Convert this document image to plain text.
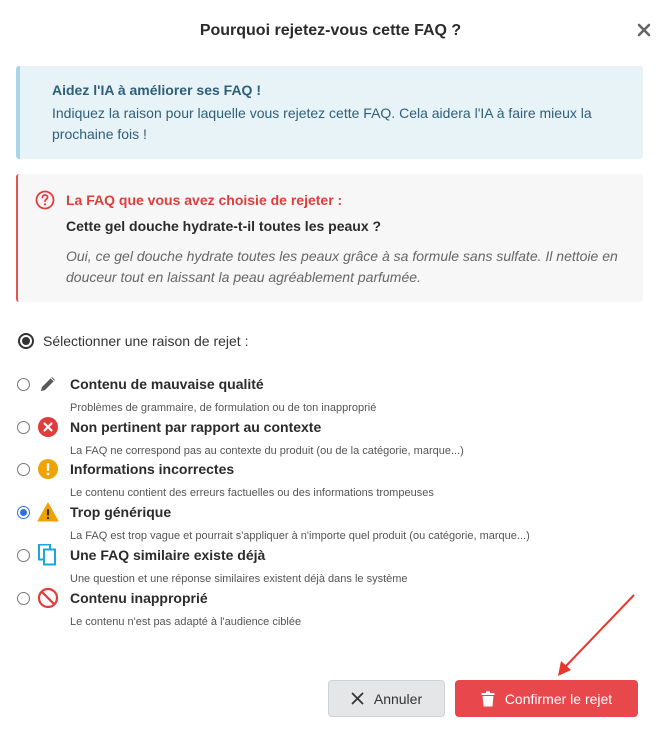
Pourquoi rejetez-vous cette FAQ ?
Aidez l'IA à améliorer ses FAQ !
Indiquez la raison pour laquelle vous rejetez cette FAQ. Cela aidera l'IA à faire mieux la prochaine fois !
La FAQ que vous avez choisie de rejeter :
Cette gel douche hydrate-t-il toutes les peaux ?
Oui, ce gel douche hydrate toutes les peaux grâce à sa formule sans sulfate. Il nettoie en douceur tout en laissant la peau agréablement parfumée.
Sélectionner une raison de rejet :
Contenu de mauvaise qualité
Problèmes de grammaire, de formulation ou de ton inapproprié
Non pertinent par rapport au contexte
La FAQ ne correspond pas au contexte du produit (ou de la catégorie, marque...)
Informations incorrectes
Le contenu contient des erreurs factuelles ou des informations trompeuses
Trop générique
La FAQ est trop vague et pourrait s'appliquer à n'importe quel produit (ou catégorie, marque...)
Une FAQ similaire existe déjà
Une question et une réponse similaires existent déjà dans le système
Contenu inapproprié
Le contenu n'est pas adapté à l'audience ciblée
Annuler	Confirmer le rejet
